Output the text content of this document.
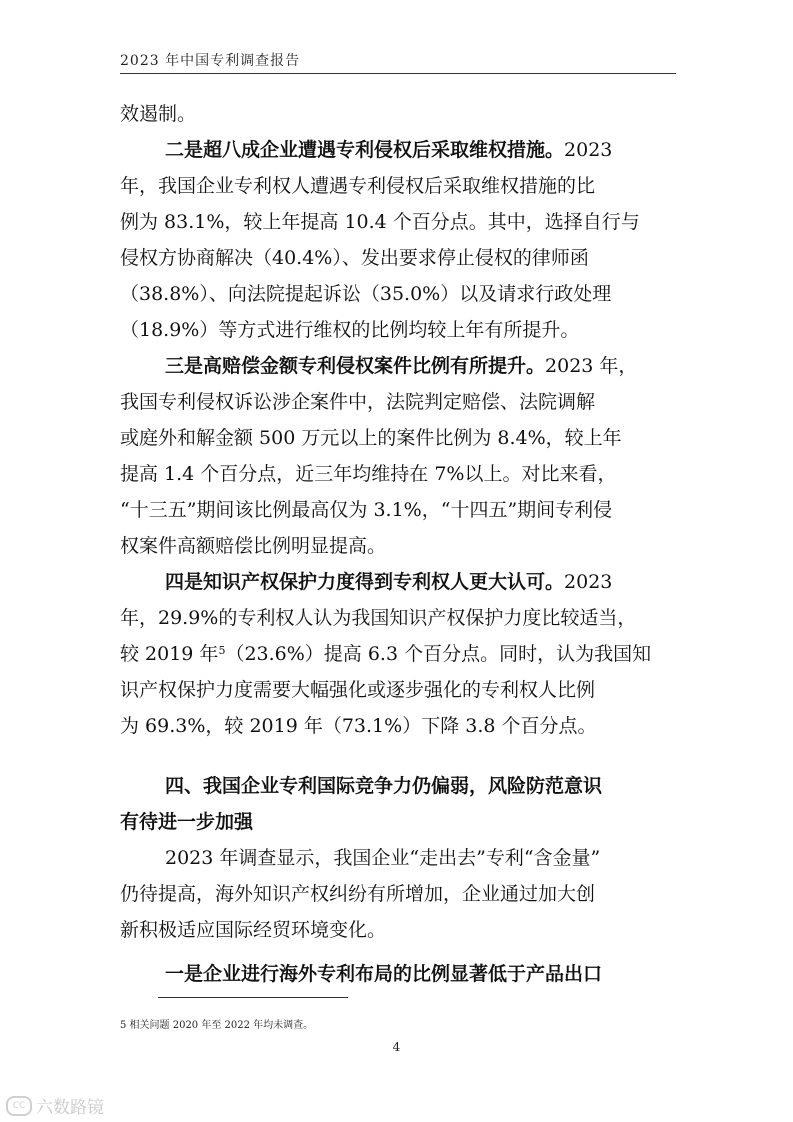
2023 年中国专利调查报告
效遏制。
二是超八成企业遭遇专利侵权后采取维权措施。2023
年，我国企业专利权人遭遇专利侵权后采取维权措施的比
例为 83.1%，较上年提高 10.4 个百分点。其中，选择自行与
侵权方协商解决（40.4%）、发出要求停止侵权的律师函
（38.8%）、向法院提起诉讼（35.0%）以及请求行政处理
（18.9%）等方式进行维权的比例均较上年有所提升。
三是高赔偿金额专利侵权案件比例有所提升。2023 年，
我国专利侵权诉讼涉企案件中，法院判定赔偿、法院调解
或庭外和解金额 500 万元以上的案件比例为 8.4%，较上年
提高 1.4 个百分点，近三年均维持在 7%以上。对比来看，
“十三五”期间该比例最高仅为 3.1%，“十四五”期间专利侵
权案件高额赔偿比例明显提高。
四是知识产权保护力度得到专利权人更大认可。2023
年，29.9%的专利权人认为我国知识产权保护力度比较适当，
较 2019 年$^5$（23.6%）提高 6.3 个百分点。同时，认为我国知
识产权保护力度需要大幅强化或逐步强化的专利权人比例
为 69.3%，较 2019 年（73.1%）下降 3.8 个百分点。
四、我国企业专利国际竞争力仍偏弱，风险防范意识
有待进一步加强
2023 年调查显示，我国企业“走出去”专利“含金量”
仍待提高，海外知识产权纠纷有所增加，企业通过加大创
新积极适应国际经贸环境变化。
一是企业进行海外专利布局的比例显著低于产品出口
5 相关问题 2020 年至 2022 年均未调查。
4
CC 六数路镜
